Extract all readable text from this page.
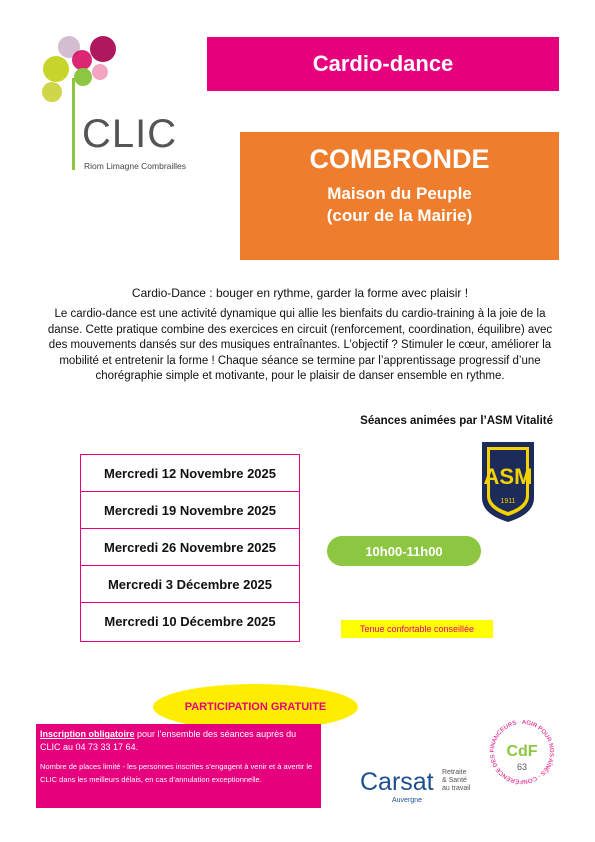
CLIC
Riom Limagne Combrailles
Cardio-dance
COMBRONDE
Maison du Peuple
(cour de la Mairie)
Cardio-Dance : bouger en rythme, garder la forme avec plaisir !
Le cardio-dance est une activité dynamique qui allie les bienfaits du cardio-training à la joie de la danse. Cette pratique combine des exercices en circuit (renforcement, coordination, équilibre) avec des mouvements dansés sur des musiques entraînantes. L’objectif ? Stimuler le cœur, améliorer la mobilité et entretenir la forme ! Chaque séance se termine par l’apprentissage progressif d’une chorégraphie simple et motivante, pour le plaisir de danser ensemble en rythme.
Séances animées par l’ASM Vitalité
Mercredi 12 Novembre 2025
Mercredi 19 Novembre 2025
Mercredi 26 Novembre 2025
Mercredi 3 Décembre 2025
Mercredi 10 Décembre 2025
ASM
1911
10h00-11h00
Tenue confortable conseillée
PARTICIPATION GRATUITE
Inscription obligatoire pour l’ensemble des séances auprès du CLIC au 04 73 33 17 64.
Nombre de places limité - les personnes inscrites s’engagent à venir et à avertir le CLIC dans les meilleurs délais, en cas d’annulation exceptionnelle.	Carsat Retraite
& Santé
au travail
Auvergne
AGIR POUR NOS AÎNÉS · CONFÉRENCE DES FINANCEURS
CdF
63
